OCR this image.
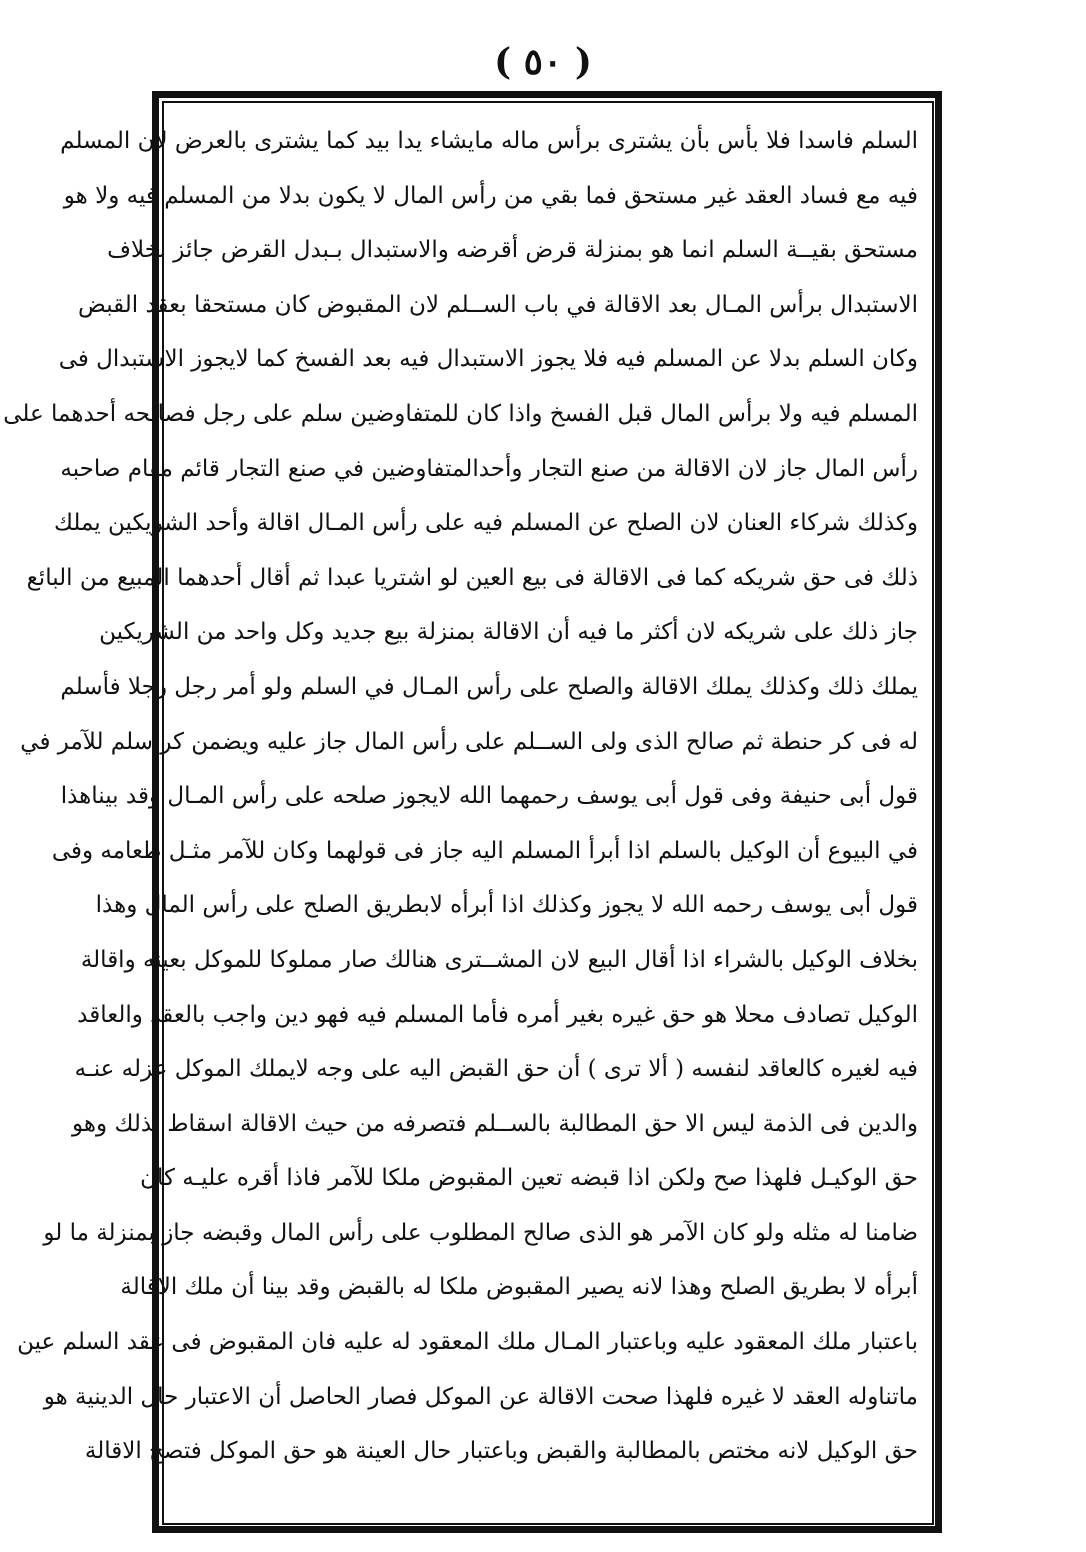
( ٥٠ )
السلم فاسدا فلا بأس بأن يشترى برأس ماله مايشاء يدا بيد كما يشترى بالعرض لان المسلم
فيه مع فساد العقد غير مستحق فما بقي من رأس المال لا يكون بدلا من المسلم فيه ولا هو
مستحق بقيــة السلم انما هو بمنزلة قرض أقرضه والاستبدال بـبدل القرض جائز بخلاف
الاستبدال برأس المـال بعد الاقالة في باب الســلم لان المقبوض كان مستحقا بعقد القبض
وكان السلم بدلا عن المسلم فيه فلا يجوز الاستبدال فيه بعد الفسخ كما لايجوز الاستبدال فى
المسلم فيه ولا برأس المال قبل الفسخ واذا كان للمتفاوضين سلم على رجل فصالحه أحدهما على
رأس المال جاز لان الاقالة من صنع التجار وأحدالمتفاوضين في صنع التجار قائم مقام صاحبه
وكذلك شركاء العنان لان الصلح عن المسلم فيه على رأس المـال اقالة وأحد الشريكين يملك
ذلك فى حق شريكه كما فى الاقالة فى بيع العين لو اشتريا عبدا ثم أقال أحدهما المبيع من البائع
جاز ذلك على شريكه لان أكثر ما فيه أن الاقالة بمنزلة بيع جديد وكل واحد من الشريكين
يملك ذلك وكذلك يملك الاقالة والصلح على رأس المـال في السلم ولو أمر رجل رجلا فأسلم
له فى كر حنطة ثم صالح الذى ولى الســلم على رأس المال جاز عليه ويضمن كر سلم للآمر في
قول أبى حنيفة وفى قول أبى يوسف رحمهما الله لايجوز صلحه على رأس المـال وقد بيناهذا
في البيوع أن الوكيل بالسلم اذا أبرأ المسلم اليه جاز فى قولهما وكان للآمر مثـل طعامه وفى
قول أبى يوسف رحمه الله لا يجوز وكذلك اذا أبرأه لابطريق الصلح على رأس المال وهذا
بخلاف الوكيل بالشراء اذا أقال البيع لان المشــترى هنالك صار مملوكا للموكل بعينه واقالة
الوكيل تصادف محلا هو حق غيره بغير أمره فأما المسلم فيه فهو دين واجب بالعقد والعاقد
فيه لغيره كالعاقد لنفسه ( ألا ترى ) أن حق القبض اليه على وجه لايملك الموكل عزله عنـه
والدين فى الذمة ليس الا حق المطالبة بالســلم فتصرفه من حيث الاقالة اسقاط لذلك وهو
حق الوكيـل فلهذا صح ولكن اذا قبضه تعين المقبوض ملكا للآمر فاذا أقره عليـه كان
ضامنا له مثله ولو كان الآمر هو الذى صالح المطلوب على رأس المال وقبضه جاز بمنزلة ما لو
أبرأه لا بطريق الصلح وهذا لانه يصير المقبوض ملكا له بالقبض وقد بينا أن ملك الاقالة
باعتبار ملك المعقود عليه وباعتبار المـال ملك المعقود له عليه فان المقبوض فى عقد السلم عين
ماتناوله العقد لا غيره فلهذا صحت الاقالة عن الموكل فصار الحاصل أن الاعتبار حال الدينية هو
حق الوكيل لانه مختص بالمطالبة والقبض وباعتبار حال العينة هو حق الموكل فتصح الاقالة
